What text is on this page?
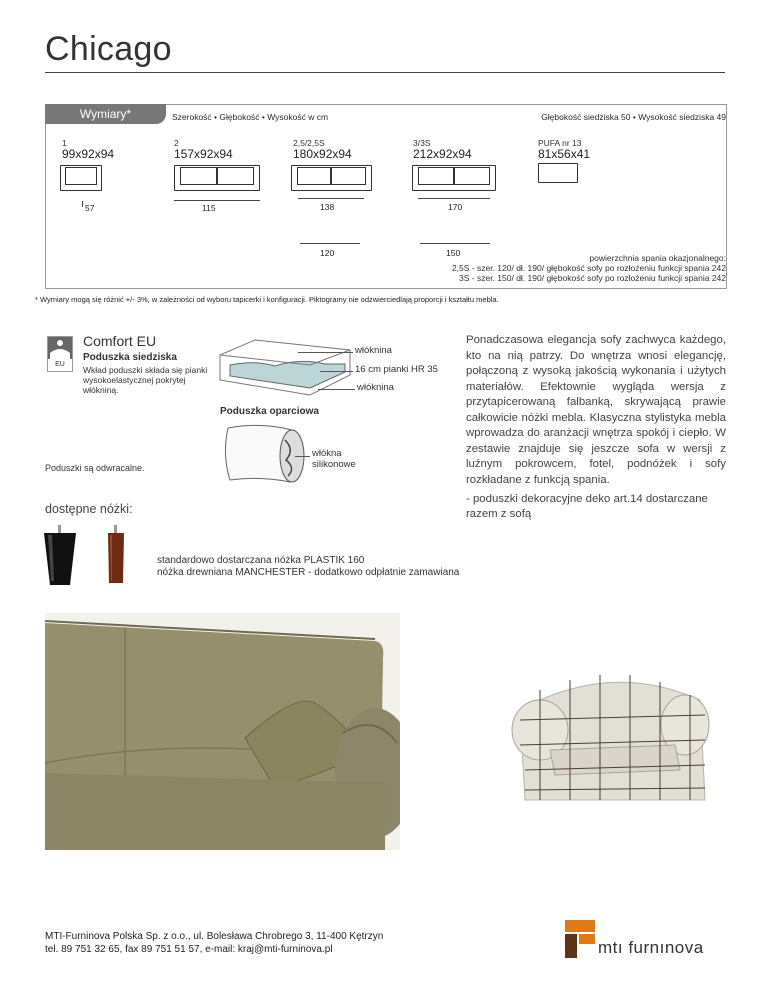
Chicago
Wymiary*	Szerokość • Głębokość • Wysokość w cm	Głębokość siedziska 50 • Wysokość siedziska 49
1
99x92x94
57
2
157x92x94
115
2,5/2,5S
180x92x94
138
120
3/3S
212x92x94
170
150
PUFA nr 13
81x56x41
powierzchnia spania okazjonalnego:
2,5S - szer. 120/ dł. 190/ głębokość sofy po rozłożeniu funkcji spania 242
3S - szer. 150/ dł. 190/ głębokość sofy po rozłożeniu funkcji spania 242
* Wymiary mogą się różnić +/- 3%, w zależności od wyboru tapicerki i konfiguracji. Piktogramy nie odzwierciedlają proporcji i kształtu mebla.
EU
Comfort EU
Poduszka siedziska
Wkład poduszki składa się pianki wysokoelastycznej pokrytej włókniną.
włóknina
16 cm pianki HR 35
włóknina
Poduszka oparciowa
włókna
silikonowe
Poduszki są odwracalne.
Ponadczasowa elegancja sofy zachwyca każdego, kto na nią patrzy. Do wnętrza wnosi elegancję, połączoną z wysoką jakością wykonania i użytych materiałów. Efektownie wygląda wersja z przytapicerowaną falbanką, skrywającą prawie całkowicie nóżki mebla. Klasyczna stylistyka mebla wprowadza do aranżacji wnętrza spokój i ciepło. W zestawie znajduje się jeszcze sofa w wersji z luźnym pokrowcem, fotel, podnóżek i sofy rozkładane z funkcją spania.
- poduszki dekoracyjne deko art.14 dostarczane razem z sofą
dostępne nóżki:
standardowo dostarczana nóżka PLASTIK 160
nóżka drewniana MANCHESTER - dodatkowo odpłatnie zamawiana
MTI-Furninova Polska Sp. z o.o., ul. Bolesława Chrobrego 3, 11-400 Kętrzyn
tel. 89 751 32 65, fax 89 751 51 57, e-mail: kraj@mti-furninova.pl	mtı furnınova
